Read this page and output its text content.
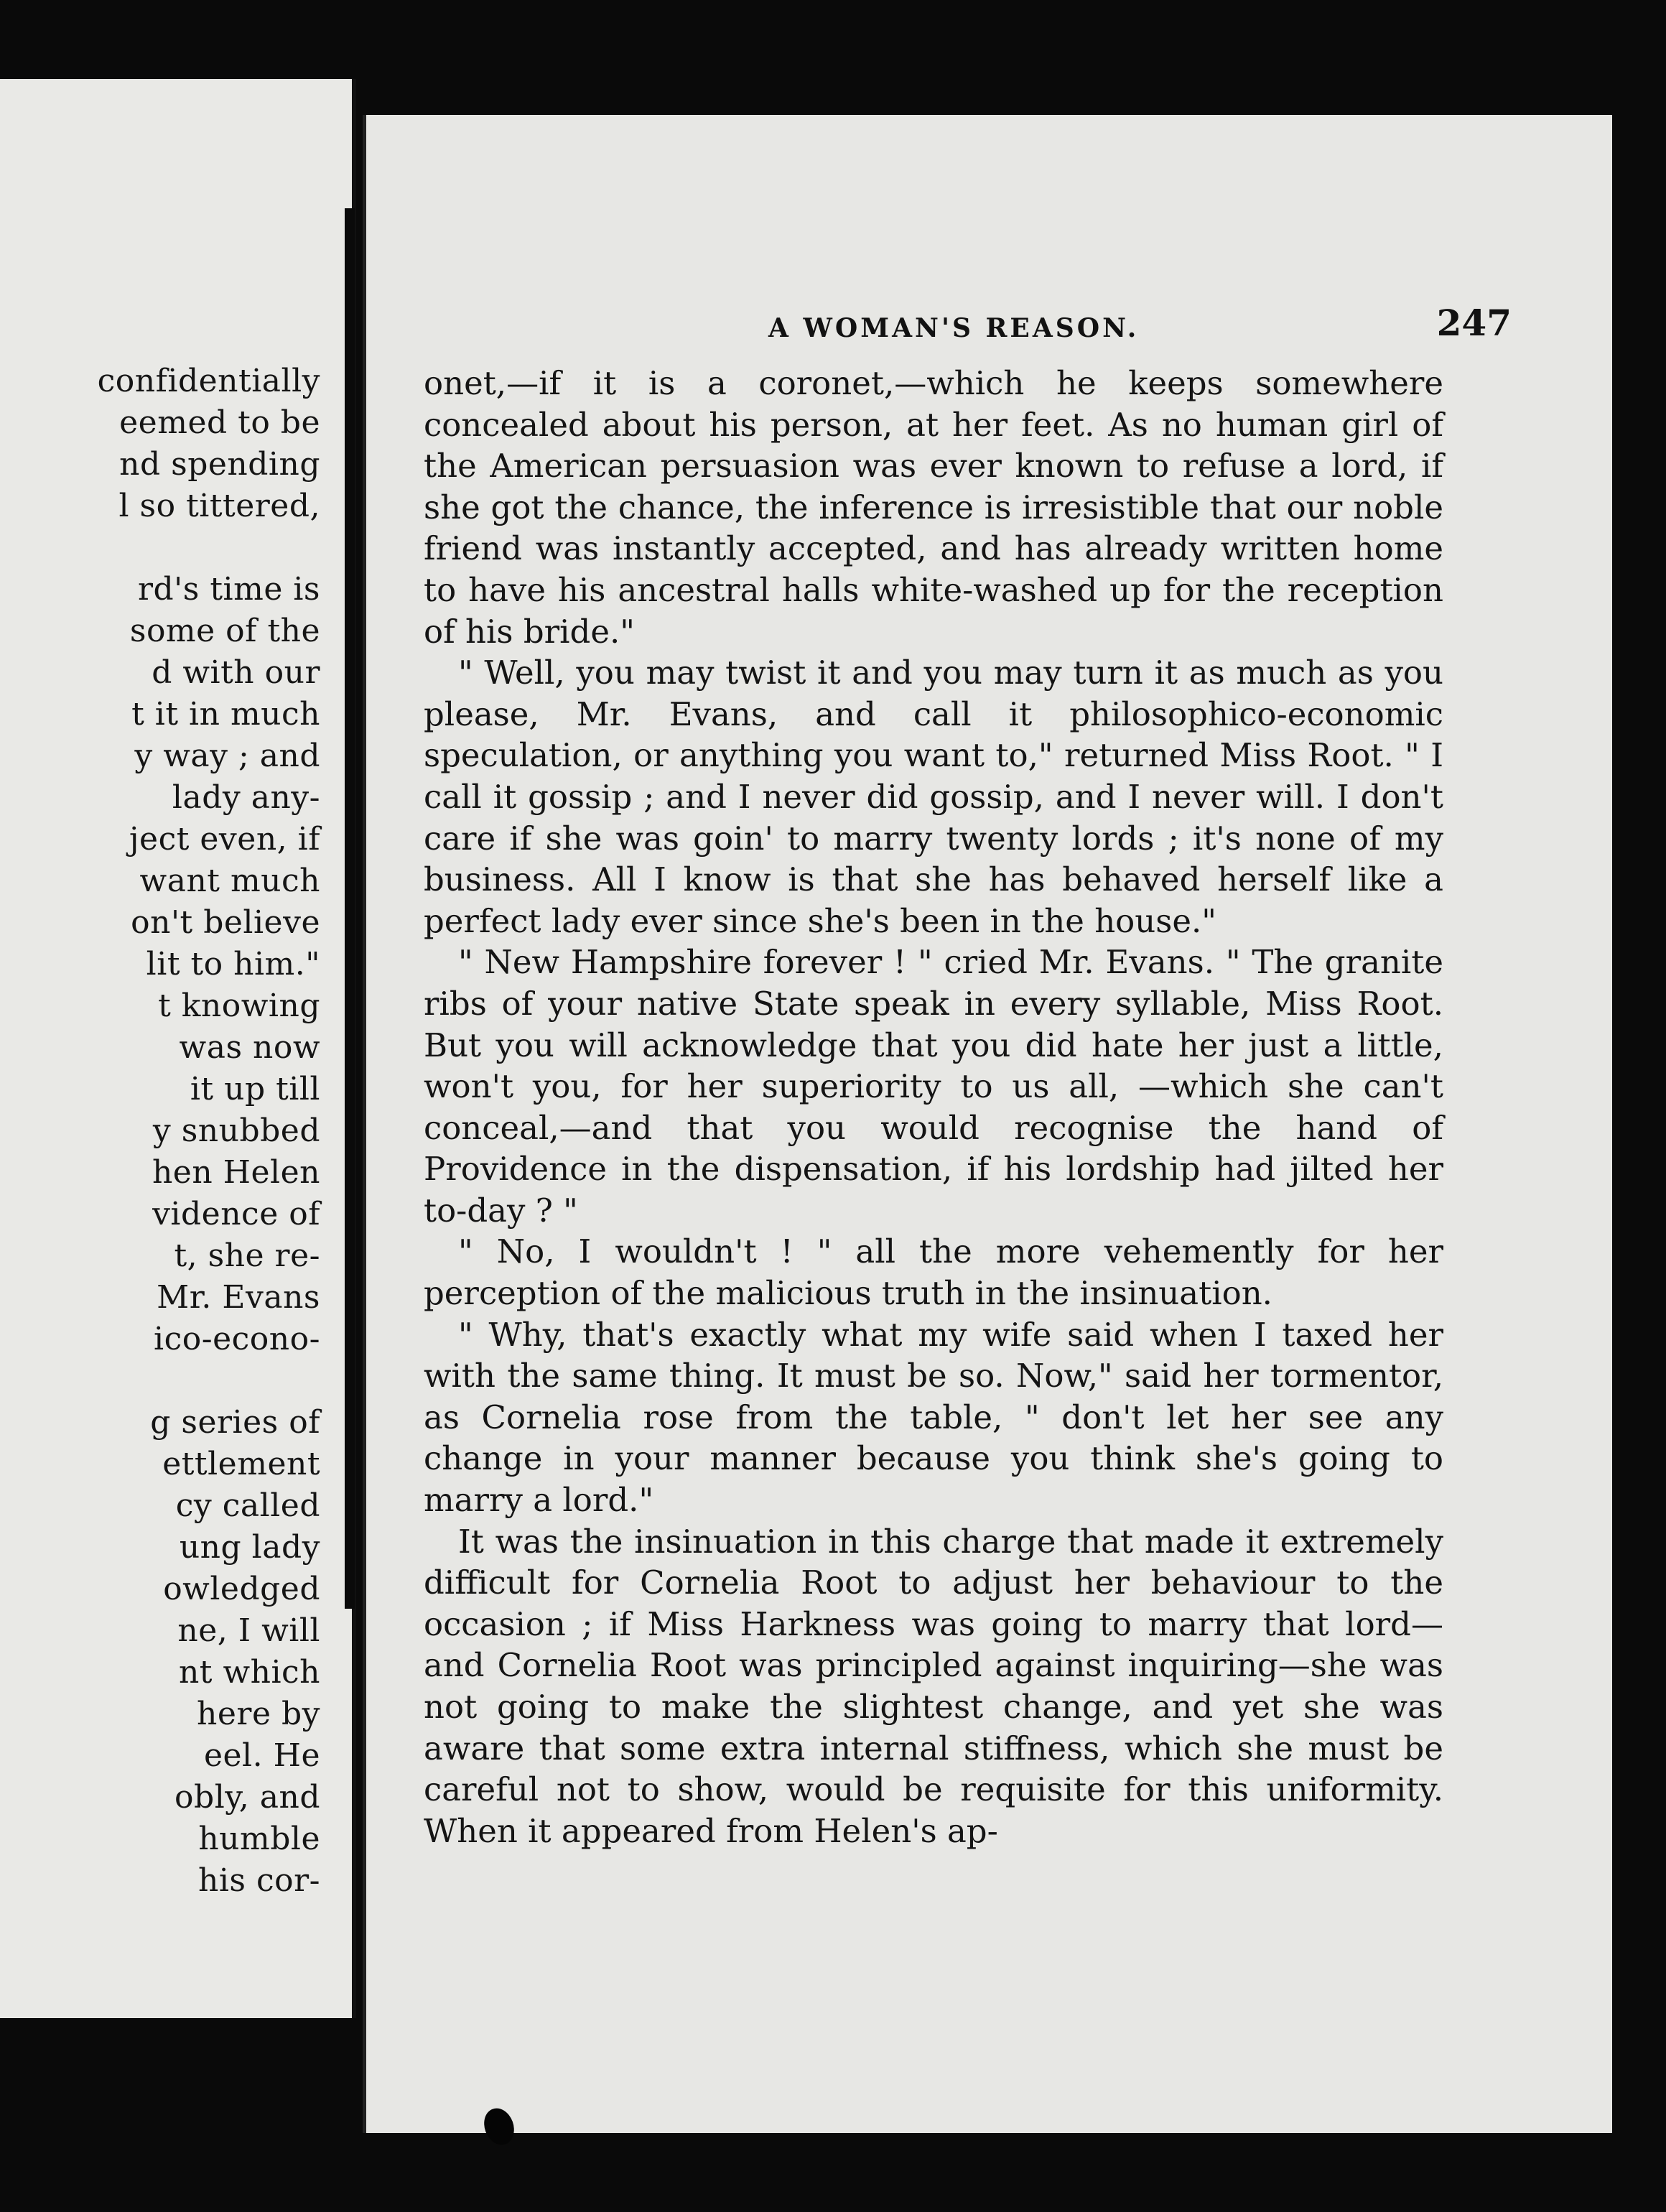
confidentially
eemed to be
nd spending
l so tittered,
rd's time is
some of the
d with our
t it in much
y way ; and
lady any-
ject even, if
want much
on't believe
lit to him."
t knowing
was now
it up till
y snubbed
hen Helen
vidence of
t, she re-
Mr. Evans
ico-econo-
g series of
ettlement
cy called
ung lady
owledged
ne, I will
nt which
here by
eel. He
obly, and
humble
his cor-
A WOMAN'S REASON.	247

onet,—if it is a coronet,—which he keeps somewhere concealed about his person, at her feet. As no human girl of the American persuasion was ever known to refuse a lord, if she got the chance, the inference is irresistible that our noble friend was instantly accepted, and has already written home to have his ancestral halls white-washed up for the reception of his bride."

" Well, you may twist it and you may turn it as much as you please, Mr. Evans, and call it philosophico-economic speculation, or anything you want to," returned Miss Root. " I call it gossip ; and I never did gossip, and I never will. I don't care if she was goin' to marry twenty lords ; it's none of my business. All I know is that she has behaved herself like a perfect lady ever since she's been in the house."

" New Hampshire forever ! " cried Mr. Evans. " The granite ribs of your native State speak in every syllable, Miss Root. But you will acknowledge that you did hate her just a little, won't you, for her superiority to us all, —which she can't conceal,—and that you would recognise the hand of Providence in the dispensation, if his lordship had jilted her to-day ? "

" No, I wouldn't ! " all the more vehemently for her perception of the malicious truth in the insinuation.

" Why, that's exactly what my wife said when I taxed her with the same thing. It must be so. Now," said her tormentor, as Cornelia rose from the table, " don't let her see any change in your manner because you think she's going to marry a lord."

It was the insinuation in this charge that made it extremely difficult for Cornelia Root to adjust her behaviour to the occasion ; if Miss Harkness was going to marry that lord—and Cornelia Root was principled against inquiring—she was not going to make the slightest change, and yet she was aware that some extra internal stiffness, which she must be careful not to show, would be requisite for this uniformity. When it appeared from Helen's ap-
